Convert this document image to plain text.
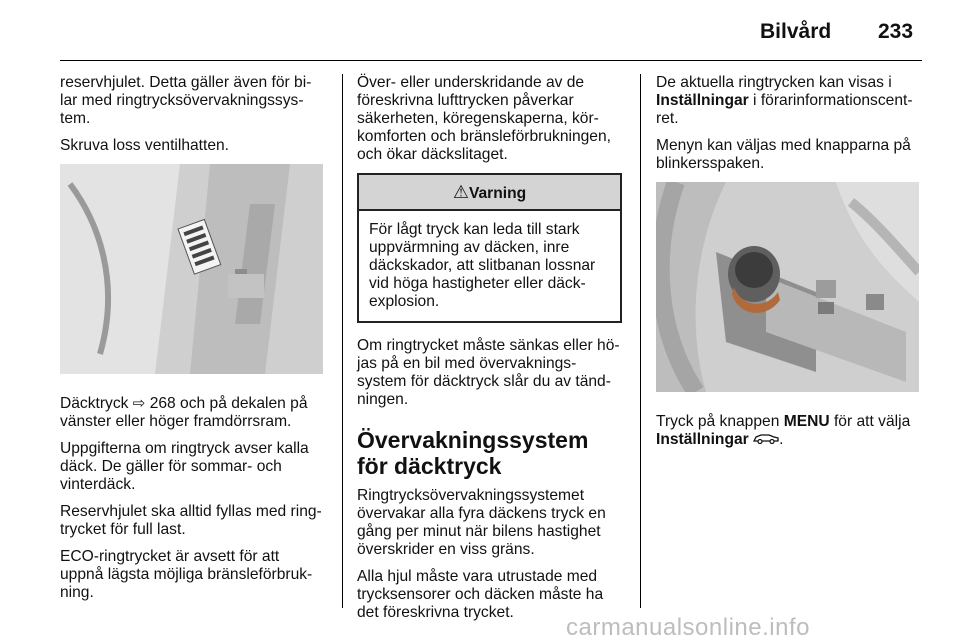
Bilvård 233

reservhjulet. Detta gäller även för bi-lar med ringtrycksövervakningssys-tem.

Skruva loss ventilhatten.

Däcktryck ⇨ 268 och på dekalen på vänster eller höger framdörrsram.

Uppgifterna om ringtryck avser kalla däck. De gäller för sommar- och vinterdäck.

Reservhjulet ska alltid fyllas med ring-trycket för full last.

ECO-ringtrycket är avsett för att uppnå lägsta möjliga bränsleförbruk-ning.

Över- eller underskridande av de föreskrivna lufttrycken påverkar säkerheten, köregenskaperna, kör-komforten och bränsleförbrukningen, och ökar däckslitaget.

⚠Varning
För lågt tryck kan leda till stark uppvärmning av däcken, inre däckskador, att slitbanan lossnar vid höga hastigheter eller däck-explosion.

Om ringtrycket måste sänkas eller hö-jas på en bil med övervaknings-system för däcktryck slår du av tänd-ningen.

Övervakningssystem för däcktryck

Ringtrycksövervakningssystemet övervakar alla fyra däckens tryck en gång per minut när bilens hastighet överskrider en viss gräns.

Alla hjul måste vara utrustade med trycksensorer och däcken måste ha det föreskrivna trycket.

De aktuella ringtrycken kan visas i Inställningar i förarinformationscent-ret.

Menyn kan väljas med knapparna på blinkersspaken.

Tryck på knappen MENU för att välja Inställningar .

carmanualsonline.info
